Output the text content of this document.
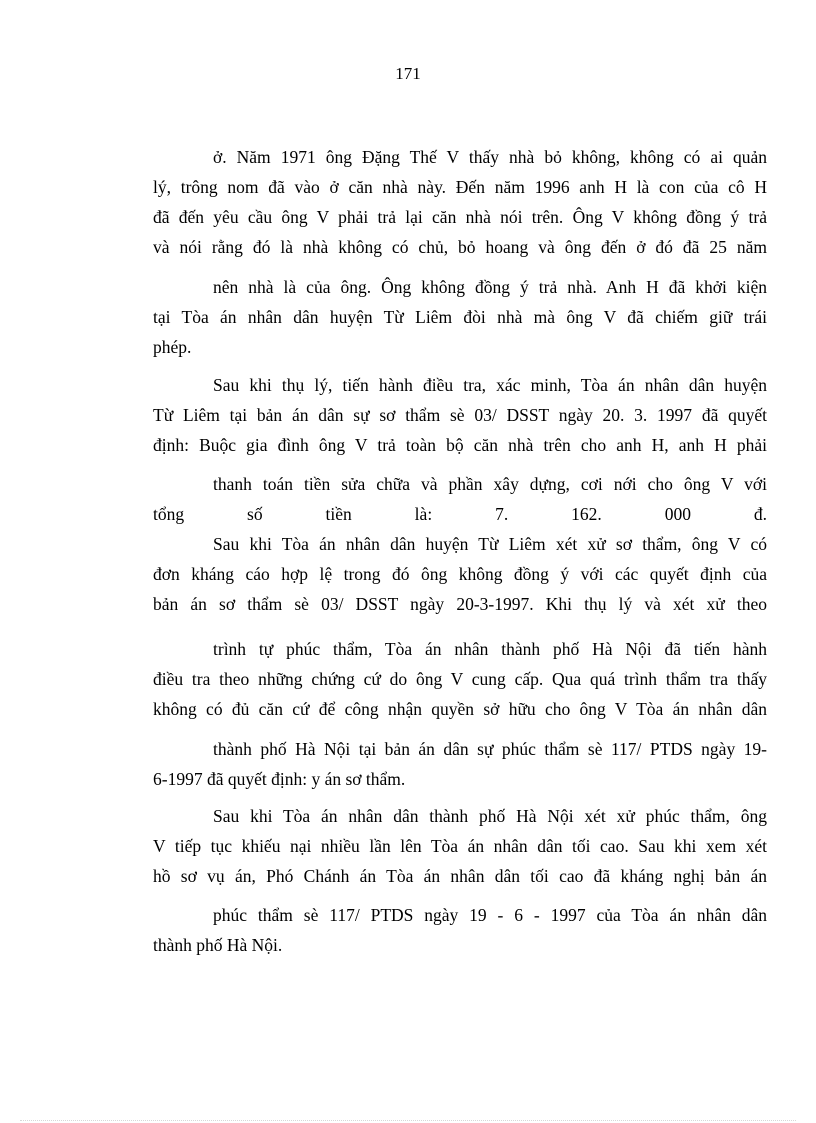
171
ở. Năm 1971 ông Đặng Thế V thấy nhà bỏ không, không có ai quản
lý, trông nom đã vào ở căn nhà này. Đến năm 1996 anh H là con của cô H
đã đến yêu cầu ông V phải trả lại căn nhà nói trên. Ông V không đồng ý trả
và nói rằng đó là nhà không có chủ, bỏ hoang và ông đến ở đó đã 25 năm
nên nhà là của ông. Ông không đồng ý trả nhà. Anh H đã khởi kiện
tại Tòa án nhân dân huyện Từ Liêm đòi nhà mà ông V đã chiếm giữ trái
phép.
Sau khi thụ lý, tiến hành điều tra, xác minh, Tòa án nhân dân huyện
Từ Liêm tại bản án dân sự sơ thẩm sè 03/ DSST ngày 20. 3. 1997 đã quyết
định: Buộc gia đình ông V trả toàn bộ căn nhà trên cho anh H, anh H phải
thanh toán tiền sửa chữa và phần xây dựng, cơi nới cho ông V với
tổng số tiền là: 7. 162. 000 đ.
Sau khi Tòa án nhân dân huyện Từ Liêm xét xử sơ thẩm, ông V có
đơn kháng cáo hợp lệ trong đó ông không đồng ý với các quyết định của
bản án sơ thẩm sè 03/ DSST ngày 20-3-1997. Khi thụ lý và xét xử theo
trình tự phúc thẩm, Tòa án nhân thành phố Hà Nội đã tiến hành
điều tra theo những chứng cứ do ông V cung cấp. Qua quá trình thẩm tra thấy
không có đủ căn cứ để công nhận quyền sở hữu cho ông V Tòa án nhân dân
thành phố Hà Nội tại bản án dân sự phúc thẩm sè 117/ PTDS ngày 19-
6-1997 đã quyết định: y án sơ thẩm.
Sau khi Tòa án nhân dân thành phố Hà Nội xét xử phúc thẩm, ông
V tiếp tục khiếu nại nhiều lần lên Tòa án nhân dân tối cao. Sau khi xem xét
hồ sơ vụ án, Phó Chánh án Tòa án nhân dân tối cao đã kháng nghị bản án
phúc thẩm sè 117/ PTDS ngày 19 - 6 - 1997 của Tòa án nhân dân
thành phố Hà Nội.
